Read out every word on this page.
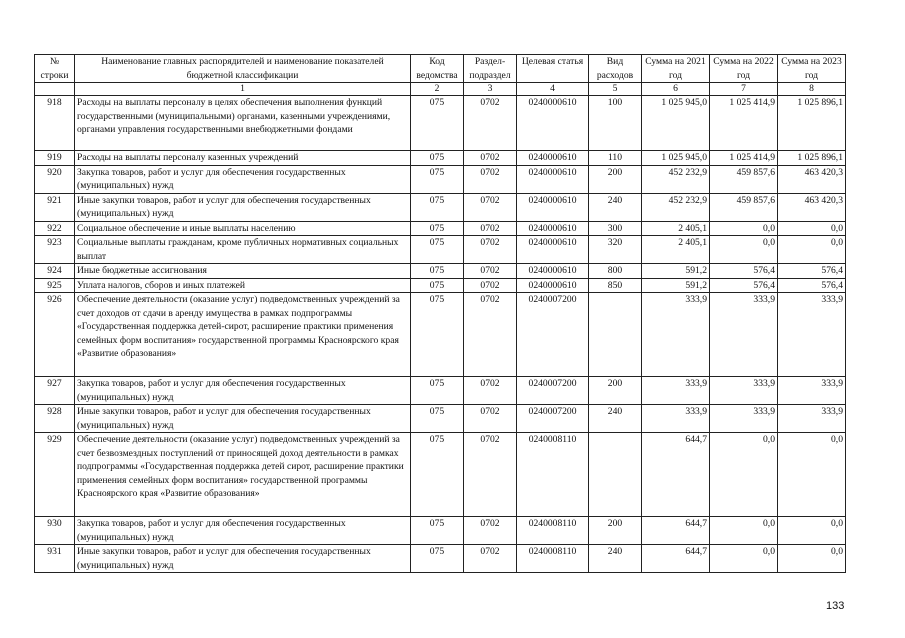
№ строки	Наименование главных распорядителей и наименование показателей бюджетной классификации	Код ведомства	Раздел-подраздел	Целевая статья	Вид расходов	Сумма на 2021 год	Сумма на 2022 год	Сумма на 2023 год
	1	2	3	4	5	6	7	8
918	Расходы на выплаты персоналу в целях обеспечения выполнения функций государственными (муниципальными) органами, казенными учреждениями, органами управления государственными внебюджетными фондами	075	0702	0240000610	100	1 025 945,0	1 025 414,9	1 025 896,1
919	Расходы на выплаты персоналу казенных учреждений	075	0702	0240000610	110	1 025 945,0	1 025 414,9	1 025 896,1
920	Закупка товаров, работ и услуг для обеспечения государственных (муниципальных) нужд	075	0702	0240000610	200	452 232,9	459 857,6	463 420,3
921	Иные закупки товаров, работ и услуг для обеспечения государственных (муниципальных) нужд	075	0702	0240000610	240	452 232,9	459 857,6	463 420,3
922	Социальное обеспечение и иные выплаты населению	075	0702	0240000610	300	2 405,1	0,0	0,0
923	Социальные выплаты гражданам, кроме публичных нормативных социальных выплат	075	0702	0240000610	320	2 405,1	0,0	0,0
924	Иные бюджетные ассигнования	075	0702	0240000610	800	591,2	576,4	576,4
925	Уплата налогов, сборов и иных платежей	075	0702	0240000610	850	591,2	576,4	576,4
926	Обеспечение деятельности (оказание услуг) подведомственных учреждений за счет доходов от сдачи в аренду имущества в рамках подпрограммы «Государственная поддержка детей-сирот, расширение практики применения семейных форм воспитания» государственной программы Красноярского края «Развитие образования»	075	0702	0240007200		333,9	333,9	333,9
927	Закупка товаров, работ и услуг для обеспечения государственных (муниципальных) нужд	075	0702	0240007200	200	333,9	333,9	333,9
928	Иные закупки товаров, работ и услуг для обеспечения государственных (муниципальных) нужд	075	0702	0240007200	240	333,9	333,9	333,9
929	Обеспечение деятельности (оказание услуг) подведомственных учреждений за счет безвозмездных поступлений от приносящей доход деятельности в рамках подпрограммы «Государственная поддержка детей сирот, расширение практики применения семейных форм воспитания» государственной программы Красноярского края «Развитие образования»	075	0702	0240008110		644,7	0,0	0,0
930	Закупка товаров, работ и услуг для обеспечения государственных (муниципальных) нужд	075	0702	0240008110	200	644,7	0,0	0,0
931	Иные закупки товаров, работ и услуг для обеспечения государственных (муниципальных) нужд	075	0702	0240008110	240	644,7	0,0	0,0
133
